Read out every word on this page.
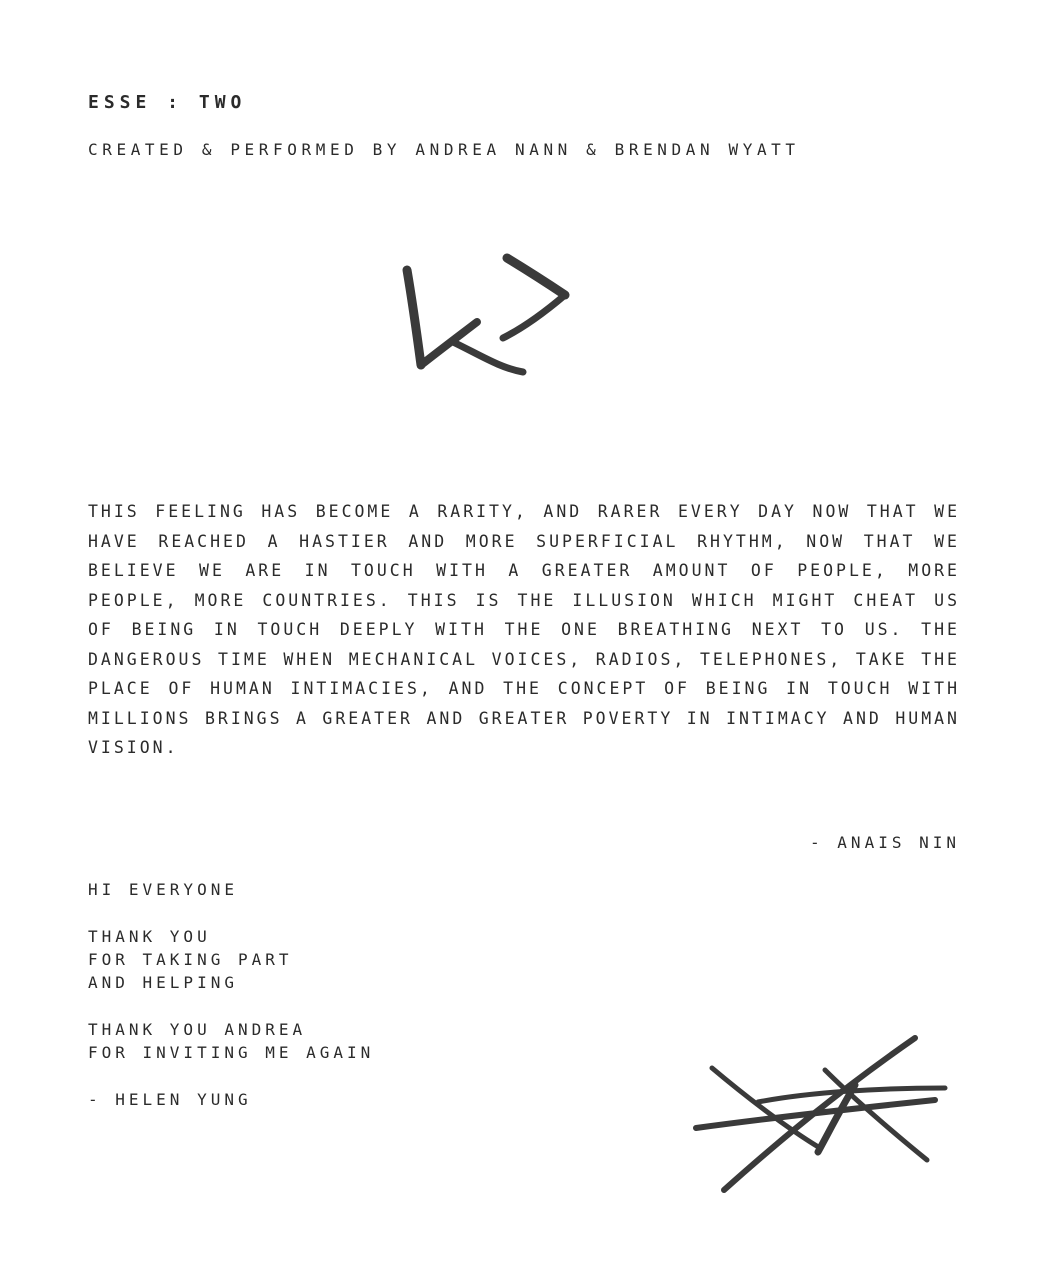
ESSE : TWO
CREATED & PERFORMED BY ANDREA NANN & BRENDAN WYATT

THIS FEELING HAS BECOME A RARITY, AND RARER EVERY DAY NOW THAT WE HAVE REACHED A HASTIER AND MORE SUPERFICIAL RHYTHM, NOW THAT WE BELIEVE WE ARE IN TOUCH WITH A GREATER AMOUNT OF PEOPLE, MORE PEOPLE, MORE COUNTRIES. THIS IS THE ILLUSION WHICH MIGHT CHEAT US OF BEING IN TOUCH DEEPLY WITH THE ONE BREATHING NEXT TO US. THE DANGEROUS TIME WHEN MECHANICAL VOICES, RADIOS, TELEPHONES, TAKE THE PLACE OF HUMAN INTIMACIES, AND THE CONCEPT OF BEING IN TOUCH WITH MILLIONS BRINGS A GREATER AND GREATER POVERTY IN INTIMACY AND HUMAN VISION.

- ANAIS NIN

HI EVERYONE

THANK YOU
FOR TAKING PART
AND HELPING

THANK YOU ANDREA
FOR INVITING ME AGAIN

- HELEN YUNG
